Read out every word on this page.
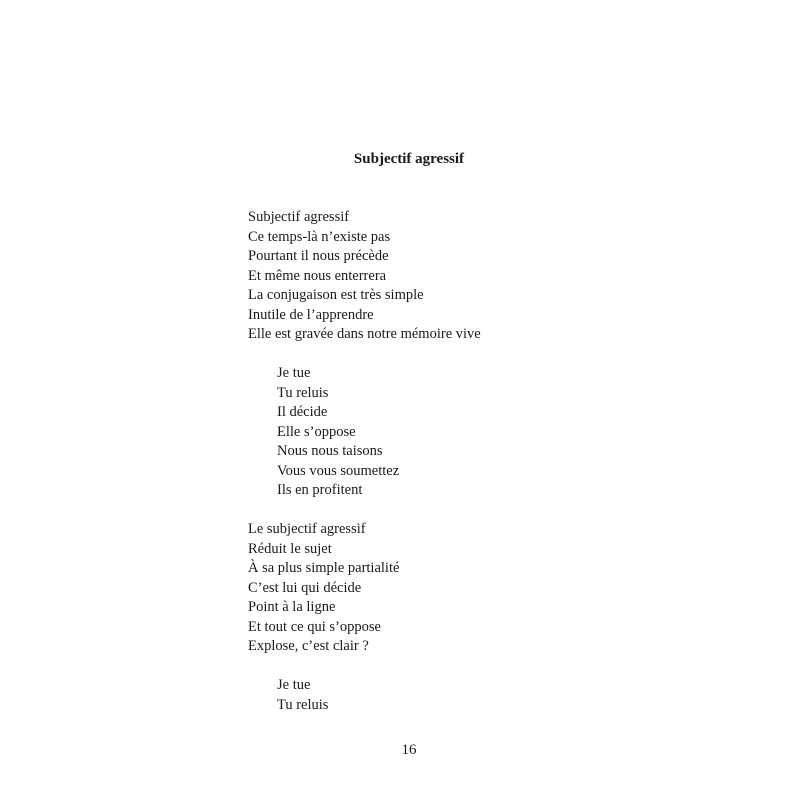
Subjectif agressif
Subjectif agressif
Ce temps-là n’existe pas
Pourtant il nous précède
Et même nous enterrera
La conjugaison est très simple
Inutile de l’apprendre
Elle est gravée dans notre mémoire vive
Je tue
Tu reluis
Il décide
Elle s’oppose
Nous nous taisons
Vous vous soumettez
Ils en profitent
Le subjectif agressif
Réduit le sujet
À sa plus simple partialité
C’est lui qui décide
Point à la ligne
Et tout ce qui s’oppose
Explose, c’est clair ?
Je tue
Tu reluis
16
